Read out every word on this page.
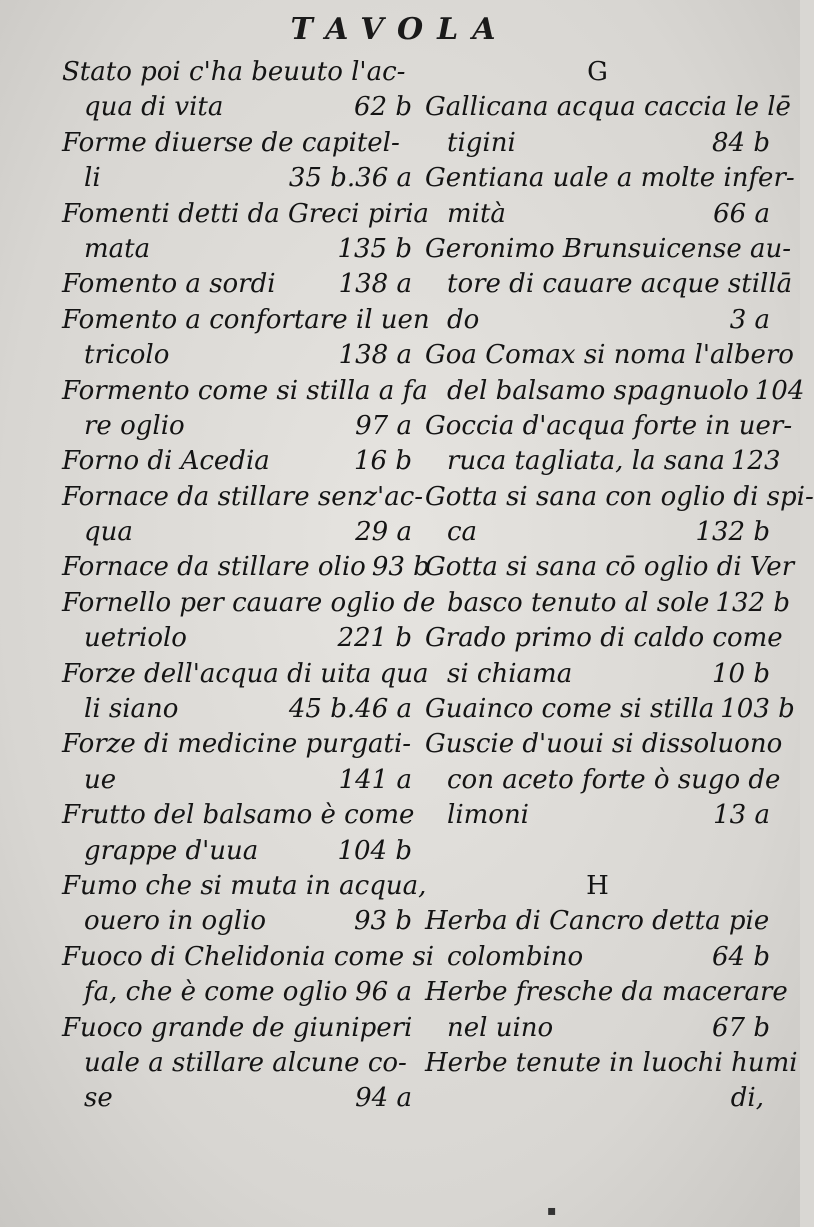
TAVOLA
Stato poi c'ha beuuto l'ac-
qua di vita	62 b
Forme diuerse de capitel-
li	35 b.36 a
Fomenti detti da Greci piria
mata	135 b
Fomento a sordi 138 a
Fomento a confortare il uen
tricolo	138 a
Formento come si stilla a fa
re oglio	97 a
Forno di Acedia	16 b
Fornace da stillare senz'ac-
qua	29 a
Fornace da stillare olio 93 b
Fornello per cauare oglio de
uetriolo	221 b
Forze dell'acqua di uita qua
li siano	45 b.46 a
Forze di medicine purgati-
ue	141 a
Frutto del balsamo è come
grappe d'uua	104 b
Fumo che si muta in acqua,
ouero in oglio	93 b
Fuoco di Chelidonia come si
fa, che è come oglio 96 a
Fuoco grande de giuniperi
uale a stillare alcune co-
se	94 a
G
Gallicana acqua caccia le lē
tigini	84 b
Gentiana uale a molte infer-
mità	66 a
Geronimo Brunsuicense au-
tore di cauare acque stillā
do	3 a
Goa Comax si noma l'albero
del balsamo spagnuolo 104
Goccia d'acqua forte in uer-
ruca tagliata, la sana 123
Gotta si sana con oglio di spi-
ca	132 b
Gotta si sana cō oglio di Ver
basco tenuto al sole 132 b
Grado primo di caldo come
si chiama	10 b
Guainco come si stilla 103 b
Guscie d'uoui si dissoluono
con aceto forte ò sugo de
limoni	13 a
H
Herba di Cancro detta pie
colombino	64 b
Herbe fresche da macerare
nel uino	67 b
Herbe tenute in luochi humi
di,
▪
